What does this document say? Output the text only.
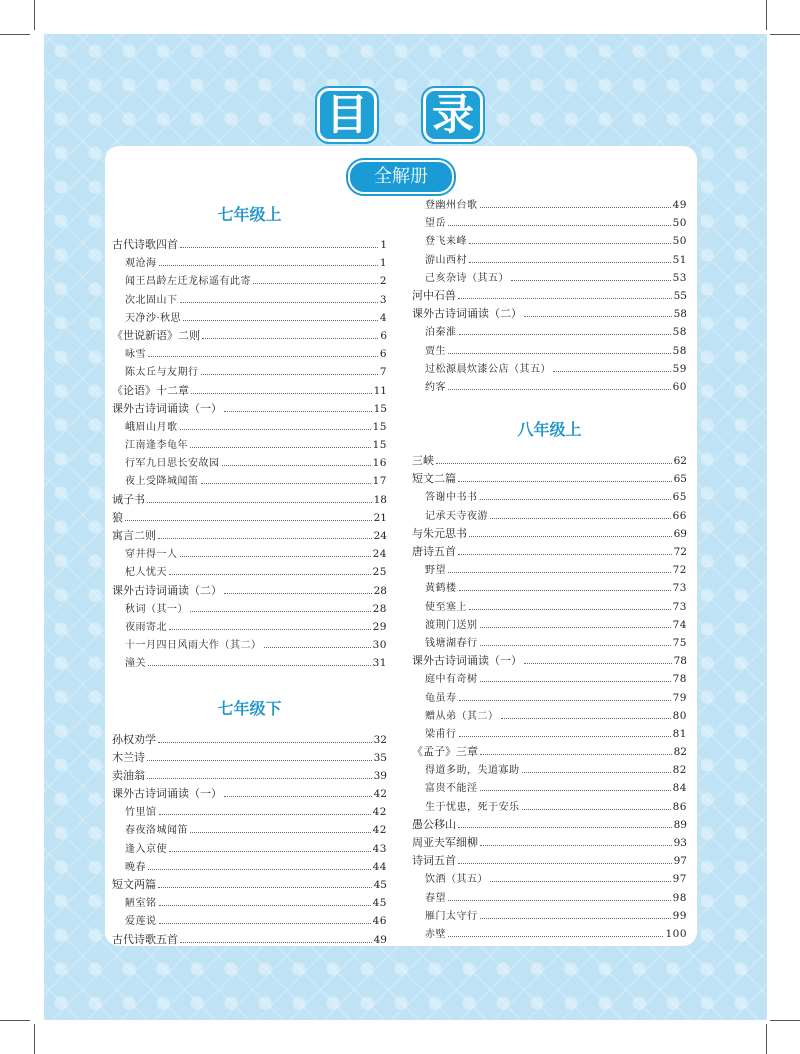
目 录
全解册
七年级上
古代诗歌四首	1
观沧海	1
闻王昌龄左迁龙标遥有此寄	2
次北固山下	3
天净沙·秋思	4
《世说新语》二则	6
咏雪	6
陈太丘与友期行	7
《论语》十二章	11
课外古诗词诵读（一）	15
峨眉山月歌	15
江南逢李龟年	15
行军九日思长安故园	16
夜上受降城闻笛	17
诫子书	18
狼	21
寓言二则	24
穿井得一人	24
杞人忧天	25
课外古诗词诵读（二）	28
秋词（其一）	28
夜雨寄北	29
十一月四日风雨大作（其二）	30
潼关	31
七年级下
孙权劝学	32
木兰诗	35
卖油翁	39
课外古诗词诵读（一）	42
竹里馆	42
春夜洛城闻笛	42
逢入京使	43
晚春	44
短文两篇	45
陋室铭	45
爱莲说	46
古代诗歌五首	49
登幽州台歌	49
望岳	50
登飞来峰	50
游山西村	51
己亥杂诗（其五）	53
河中石兽	55
课外古诗词诵读（二）	58
泊秦淮	58
贾生	58
过松源晨炊漆公店（其五）	59
约客	60
八年级上
三峡	62
短文二篇	65
答谢中书书	65
记承天寺夜游	66
与朱元思书	69
唐诗五首	72
野望	72
黄鹤楼	73
使至塞上	73
渡荆门送别	74
钱塘湖春行	75
课外古诗词诵读（一）	78
庭中有奇树	78
龟虽寿	79
赠从弟（其二）	80
梁甫行	81
《孟子》三章	82
得道多助，失道寡助	82
富贵不能淫	84
生于忧患，死于安乐	86
愚公移山	89
周亚夫军细柳	93
诗词五首	97
饮酒（其五）	97
春望	98
雁门太守行	99
赤壁	100
